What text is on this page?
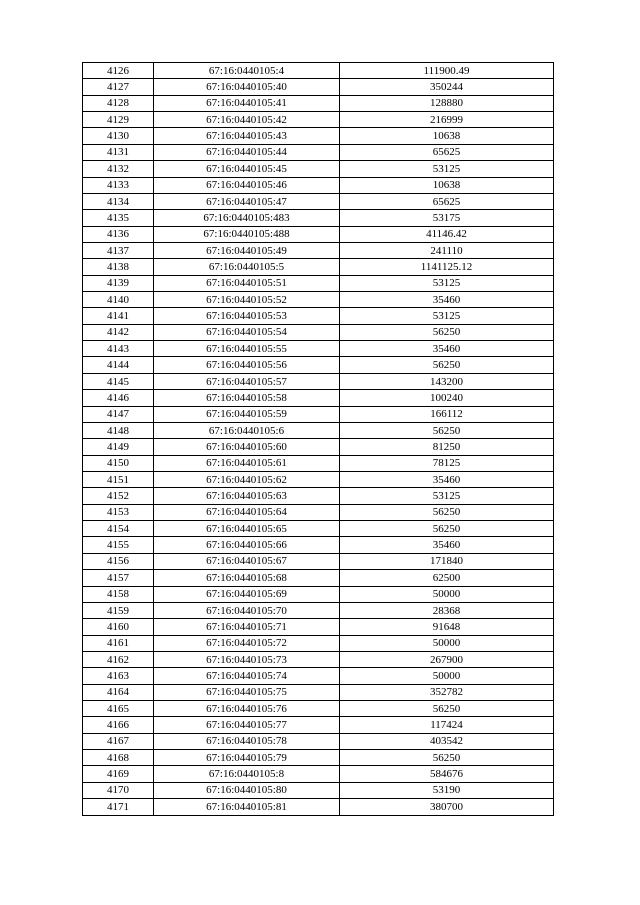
4126	67:16:0440105:4	111900.49
4127	67:16:0440105:40	350244
4128	67:16:0440105:41	128880
4129	67:16:0440105:42	216999
4130	67:16:0440105:43	10638
4131	67:16:0440105:44	65625
4132	67:16:0440105:45	53125
4133	67:16:0440105:46	10638
4134	67:16:0440105:47	65625
4135	67:16:0440105:483	53175
4136	67:16:0440105:488	41146.42
4137	67:16:0440105:49	241110
4138	67:16:0440105:5	1141125.12
4139	67:16:0440105:51	53125
4140	67:16:0440105:52	35460
4141	67:16:0440105:53	53125
4142	67:16:0440105:54	56250
4143	67:16:0440105:55	35460
4144	67:16:0440105:56	56250
4145	67:16:0440105:57	143200
4146	67:16:0440105:58	100240
4147	67:16:0440105:59	166112
4148	67:16:0440105:6	56250
4149	67:16:0440105:60	81250
4150	67:16:0440105:61	78125
4151	67:16:0440105:62	35460
4152	67:16:0440105:63	53125
4153	67:16:0440105:64	56250
4154	67:16:0440105:65	56250
4155	67:16:0440105:66	35460
4156	67:16:0440105:67	171840
4157	67:16:0440105:68	62500
4158	67:16:0440105:69	50000
4159	67:16:0440105:70	28368
4160	67:16:0440105:71	91648
4161	67:16:0440105:72	50000
4162	67:16:0440105:73	267900
4163	67:16:0440105:74	50000
4164	67:16:0440105:75	352782
4165	67:16:0440105:76	56250
4166	67:16:0440105:77	117424
4167	67:16:0440105:78	403542
4168	67:16:0440105:79	56250
4169	67:16:0440105:8	584676
4170	67:16:0440105:80	53190
4171	67:16:0440105:81	380700
